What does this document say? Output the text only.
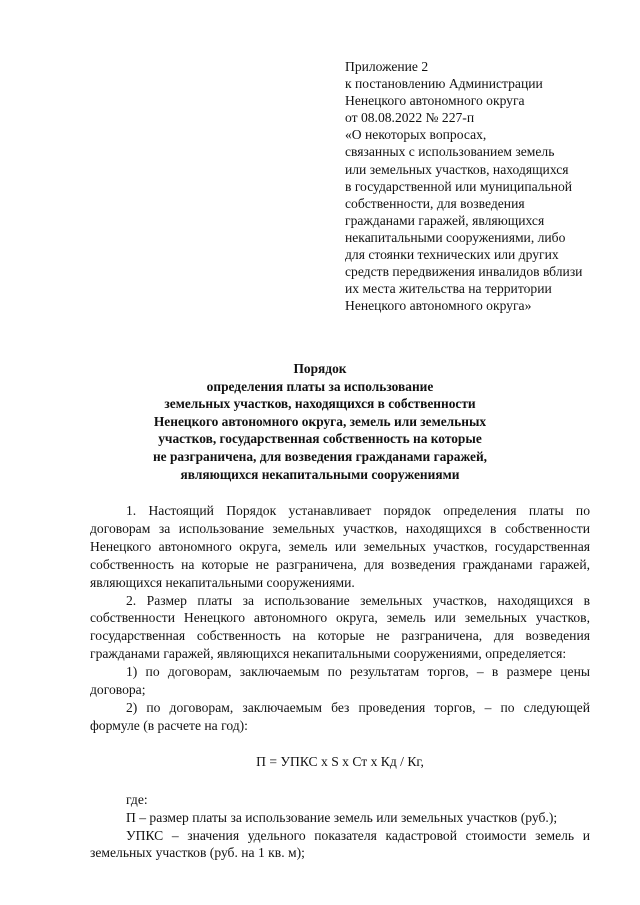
Приложение 2
к постановлению Администрации
Ненецкого автономного округа
от 08.08.2022 № 227-п
«О некоторых вопросах,
связанных с использованием земель
или земельных участков, находящихся
в государственной или муниципальной
собственности, для возведения
гражданами гаражей, являющихся
некапитальными сооружениями, либо
для стоянки технических или других
средств передвижения инвалидов вблизи
их места жительства на территории
Ненецкого автономного округа»
Порядок
определения платы за использование
земельных участков, находящихся в собственности
Ненецкого автономного округа, земель или земельных
участков, государственная собственность на которые
не разграничена, для возведения гражданами гаражей,
являющихся некапитальными сооружениями

1. Настоящий Порядок устанавливает порядок определения платы по договорам за использование земельных участков, находящихся в собственности Ненецкого автономного округа, земель или земельных участков, государственная собственность на которые не разграничена, для возведения гражданами гаражей, являющихся некапитальными сооружениями.

2. Размер платы за использование земельных участков, находящихся в собственности Ненецкого автономного округа, земель или земельных участков, государственная собственность на которые не разграничена, для возведения гражданами гаражей, являющихся некапитальными сооружениями, определяется:

1) по договорам, заключаемым по результатам торгов, – в размере цены договора;

2) по договорам, заключаемым без проведения торгов, – по следующей формуле (в расчете на год):

П = УПКС х S х Ст х Кд / Кг,

где:

П – размер платы за использование земель или земельных участков (руб.);

УПКС – значения удельного показателя кадастровой стоимости земель и земельных участков (руб. на 1 кв. м);
